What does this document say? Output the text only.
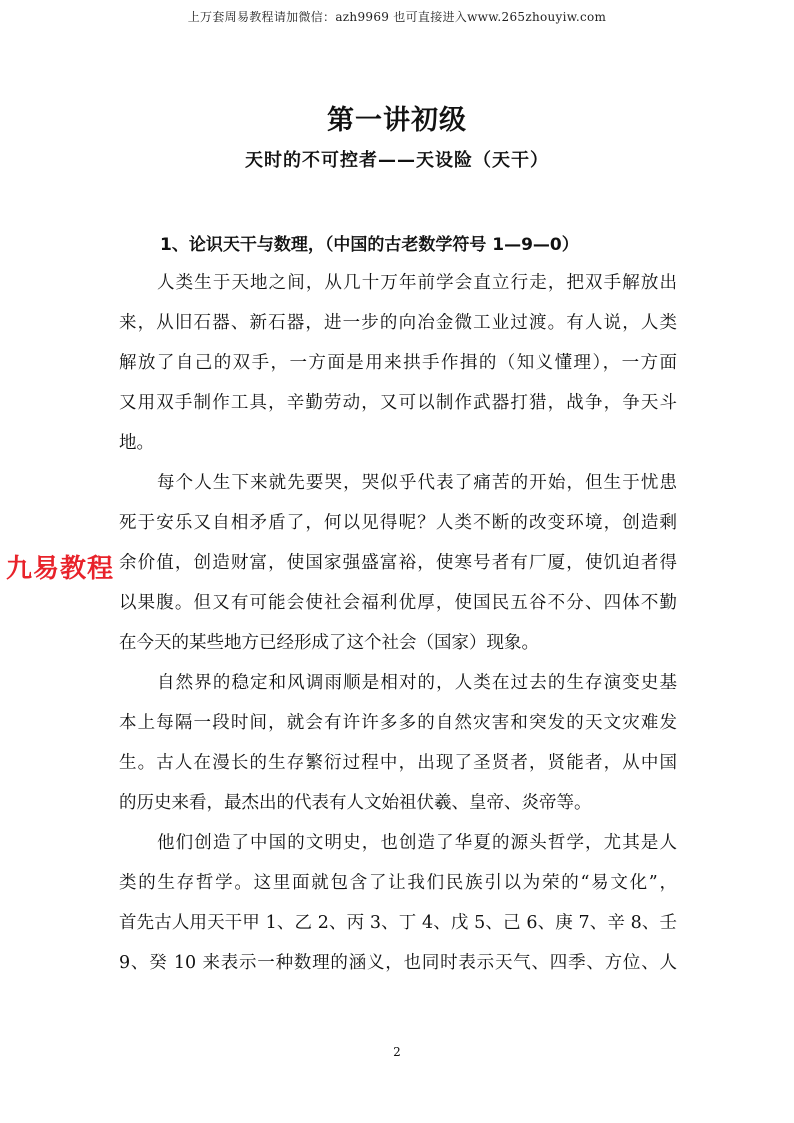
上万套周易教程请加微信：azh9969 也可直接进入www.265zhouyiw.com
第一讲初级
天时的不可控者——天设险（天干）
1、论识天干与数理，（中国的古老数学符号 1—9—0）
人类生于天地之间，从几十万年前学会直立行走，把双手解放出
来，从旧石器、新石器，进一步的向冶金微工业过渡。有人说，人类
解放了自己的双手，一方面是用来拱手作揖的（知义懂理），一方面
又用双手制作工具，辛勤劳动，又可以制作武器打猎，战争，争天斗
地。
每个人生下来就先要哭，哭似乎代表了痛苦的开始，但生于忧患
死于安乐又自相矛盾了，何以见得呢？人类不断的改变环境，创造剩
余价值，创造财富，使国家强盛富裕，使寒号者有厂厦，使饥迫者得
以果腹。但又有可能会使社会福利优厚，使国民五谷不分、四体不勤
在今天的某些地方已经形成了这个社会（国家）现象。
自然界的稳定和风调雨顺是相对的，人类在过去的生存演变史基
本上每隔一段时间，就会有许许多多的自然灾害和突发的天文灾难发
生。古人在漫长的生存繁衍过程中，出现了圣贤者，贤能者，从中国
的历史来看，最杰出的代表有人文始祖伏羲、皇帝、炎帝等。
他们创造了中国的文明史，也创造了华夏的源头哲学，尤其是人
类的生存哲学。这里面就包含了让我们民族引以为荣的“易文化”，
首先古人用天干甲 1、乙 2、丙 3、丁 4、戊 5、己 6、庚 7、辛 8、壬
9、癸 10 来表示一种数理的涵义，也同时表示天气、四季、方位、人
九易教程
2
